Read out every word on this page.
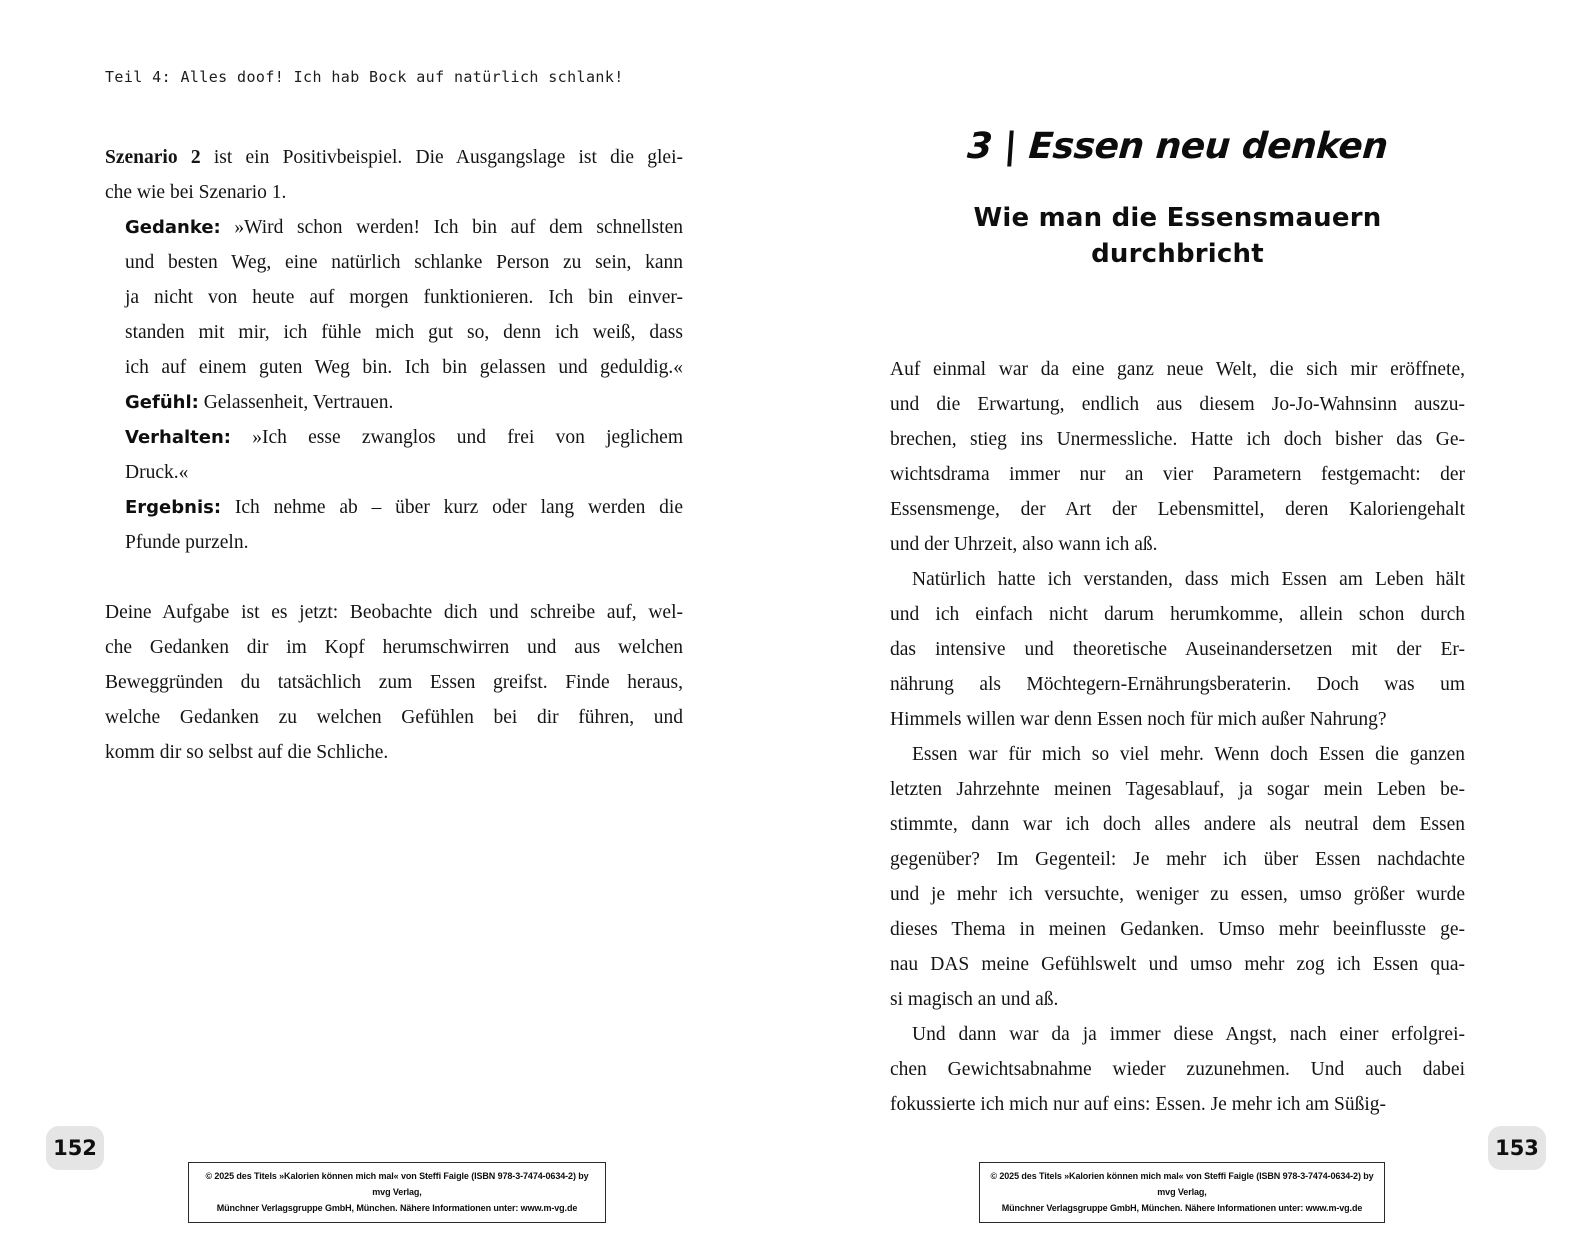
Teil 4: Alles doof! Ich hab Bock auf natürlich schlank!
Szenario 2 ist ein Positivbeispiel. Die Ausgangslage ist die glei-
che wie bei Szenario 1.
Gedanke: »Wird schon werden! Ich bin auf dem schnellsten
und besten Weg, eine natürlich schlanke Person zu sein, kann
ja nicht von heute auf morgen funktionieren. Ich bin einver-
standen mit mir, ich fühle mich gut so, denn ich weiß, dass
ich auf einem guten Weg bin. Ich bin gelassen und geduldig.«
Gefühl: Gelassenheit, Vertrauen.
Verhalten: »Ich esse zwanglos und frei von jeglichem
Druck.«
Ergebnis: Ich nehme ab – über kurz oder lang werden die
Pfunde purzeln.
Deine Aufgabe ist es jetzt: Beobachte dich und schreibe auf, wel-
che Gedanken dir im Kopf herumschwirren und aus welchen
Beweggründen du tatsächlich zum Essen greifst. Finde heraus,
welche Gedanken zu welchen Gefühlen bei dir führen, und
komm dir so selbst auf die Schliche.
152
© 2025 des Titels »Kalorien können mich mal« von Steffi Faigle (ISBN 978-3-7474-0634-2) by mvg Verlag,
Münchner Verlagsgruppe GmbH, München. Nähere Informationen unter: www.m-vg.de
3 | Essen neu denken
Wie man die Essensmauern
durchbricht
Auf einmal war da eine ganz neue Welt, die sich mir eröffnete,
und die Erwartung, endlich aus diesem Jo-Jo-Wahnsinn auszu-
brechen, stieg ins Unermessliche. Hatte ich doch bisher das Ge-
wichtsdrama immer nur an vier Parametern festgemacht: der
Essensmenge, der Art der Lebensmittel, deren Kaloriengehalt
und der Uhrzeit, also wann ich aß.
Natürlich hatte ich verstanden, dass mich Essen am Leben hält
und ich einfach nicht darum herumkomme, allein schon durch
das intensive und theoretische Auseinandersetzen mit der Er-
nährung als Möchtegern-Ernährungsberaterin. Doch was um
Himmels willen war denn Essen noch für mich außer Nahrung?
Essen war für mich so viel mehr. Wenn doch Essen die ganzen
letzten Jahrzehnte meinen Tagesablauf, ja sogar mein Leben be-
stimmte, dann war ich doch alles andere als neutral dem Essen
gegenüber? Im Gegenteil: Je mehr ich über Essen nachdachte
und je mehr ich versuchte, weniger zu essen, umso größer wurde
dieses Thema in meinen Gedanken. Umso mehr beeinflusste ge-
nau DAS meine Gefühlswelt und umso mehr zog ich Essen qua-
si magisch an und aß.
Und dann war da ja immer diese Angst, nach einer erfolgrei-
chen Gewichtsabnahme wieder zuzunehmen. Und auch dabei
fokussierte ich mich nur auf eins: Essen. Je mehr ich am Süßig-
153
© 2025 des Titels »Kalorien können mich mal« von Steffi Faigle (ISBN 978-3-7474-0634-2) by mvg Verlag,
Münchner Verlagsgruppe GmbH, München. Nähere Informationen unter: www.m-vg.de
